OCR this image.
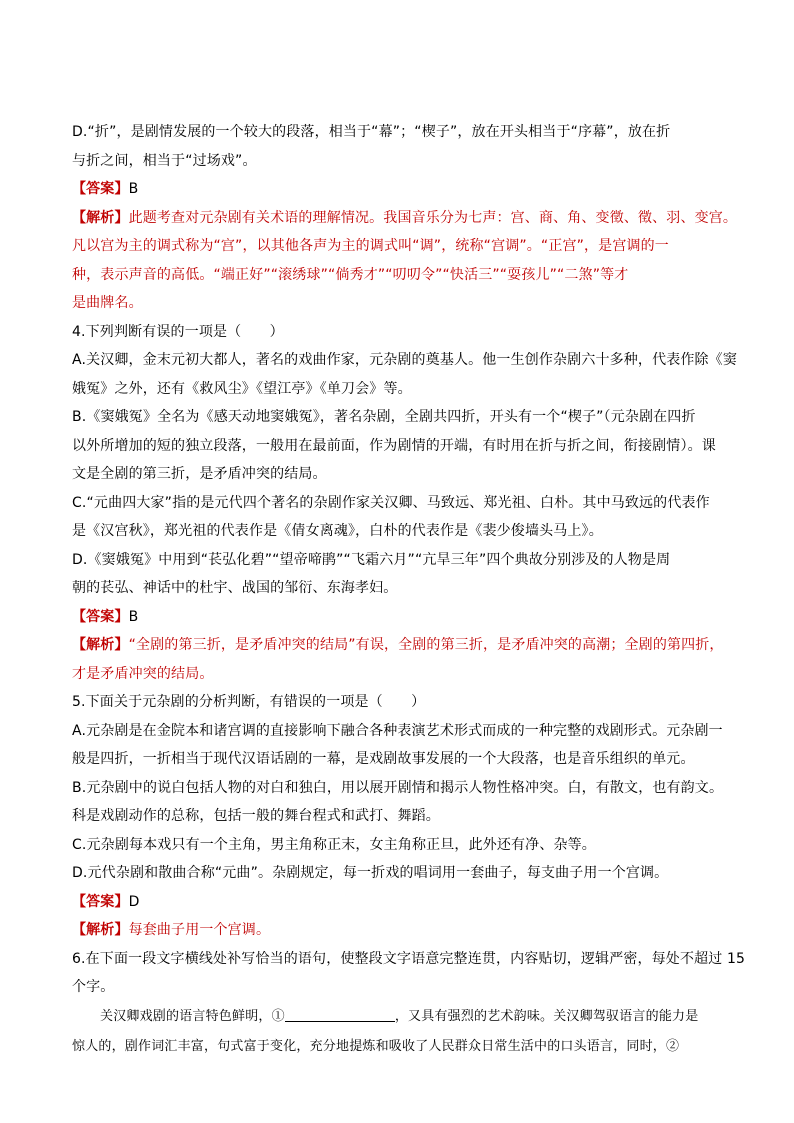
D.“折”，是剧情发展的一个较大的段落，相当于“幕”；“楔子”，放在开头相当于“序幕”，放在折
与折之间，相当于“过场戏”。
【答案】B
【解析】此题考查对元杂剧有关术语的理解情况。我国音乐分为七声：宫、商、角、变徵、徵、羽、变宫。
凡以宫为主的调式称为“宫”，以其他各声为主的调式叫“调”，统称“宫调”。“正宫”，是宫调的一
种，表示声音的高低。“端正好”“滚绣球”“倘秀才”“叨叨令”“快活三”“耍孩儿”“二煞”等才
是曲牌名。
4.下列判断有误的一项是（　　）
A.关汉卿，金末元初大都人，著名的戏曲作家，元杂剧的奠基人。他一生创作杂剧六十多种，代表作除《窦
娥冤》之外，还有《救风尘》《望江亭》《单刀会》等。
B.《窦娥冤》全名为《感天动地窦娥冤》，著名杂剧，全剧共四折，开头有一个“楔子”（元杂剧在四折
以外所增加的短的独立段落，一般用在最前面，作为剧情的开端，有时用在折与折之间，衔接剧情）。课
文是全剧的第三折，是矛盾冲突的结局。
C.“元曲四大家”指的是元代四个著名的杂剧作家关汉卿、马致远、郑光祖、白朴。其中马致远的代表作
是《汉宫秋》，郑光祖的代表作是《倩女离魂》，白朴的代表作是《裴少俊墙头马上》。
D.《窦娥冤》中用到“苌弘化碧”“望帝啼鹃”“飞霜六月”“亢旱三年”四个典故分别涉及的人物是周
朝的苌弘、神话中的杜宇、战国的邹衍、东海孝妇。
【答案】B
【解析】“全剧的第三折，是矛盾冲突的结局”有误，全剧的第三折，是矛盾冲突的高潮；全剧的第四折，
才是矛盾冲突的结局。
5.下面关于元杂剧的分析判断，有错误的一项是（　　）
A.元杂剧是在金院本和诸宫调的直接影响下融合各种表演艺术形式而成的一种完整的戏剧形式。元杂剧一
般是四折，一折相当于现代汉语话剧的一幕，是戏剧故事发展的一个大段落，也是音乐组织的单元。
B.元杂剧中的说白包括人物的对白和独白，用以展开剧情和揭示人物性格冲突。白，有散文，也有韵文。
科是戏剧动作的总称，包括一般的舞台程式和武打、舞蹈。
C.元杂剧每本戏只有一个主角，男主角称正末，女主角称正旦，此外还有净、杂等。
D.元代杂剧和散曲合称“元曲”。杂剧规定，每一折戏的唱词用一套曲子，每支曲子用一个宫调。
【答案】D
【解析】每套曲子用一个宫调。
6.在下面一段文字横线处补写恰当的语句，使整段文字语意完整连贯，内容贴切，逻辑严密，每处不超过 15
个字。
关汉卿戏剧的语言特色鲜明，①	，又具有强烈的艺术韵味。关汉卿驾驭语言的能力是
惊人的，剧作词汇丰富，句式富于变化，充分地提炼和吸收了人民群众日常生活中的口头语言，同时，②
